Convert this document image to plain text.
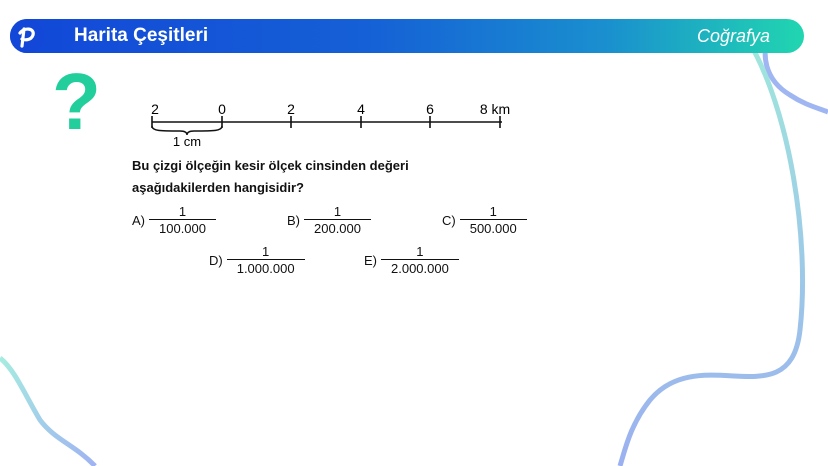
Harita Çeşitleri	Coğrafya
?	2	0	2	4	6	8 km
1 cm
Bu çizgi ölçeğin kesir ölçek cinsinden değeri
aşağıdakilerden hangisidir?
$A) \frac{1}{100.000}$	$B) \frac{1}{200.000}$	$C) \frac{1}{500.000}$
$D) \frac{1}{1.000.000}$	$E) \frac{1}{2.000.000}$
